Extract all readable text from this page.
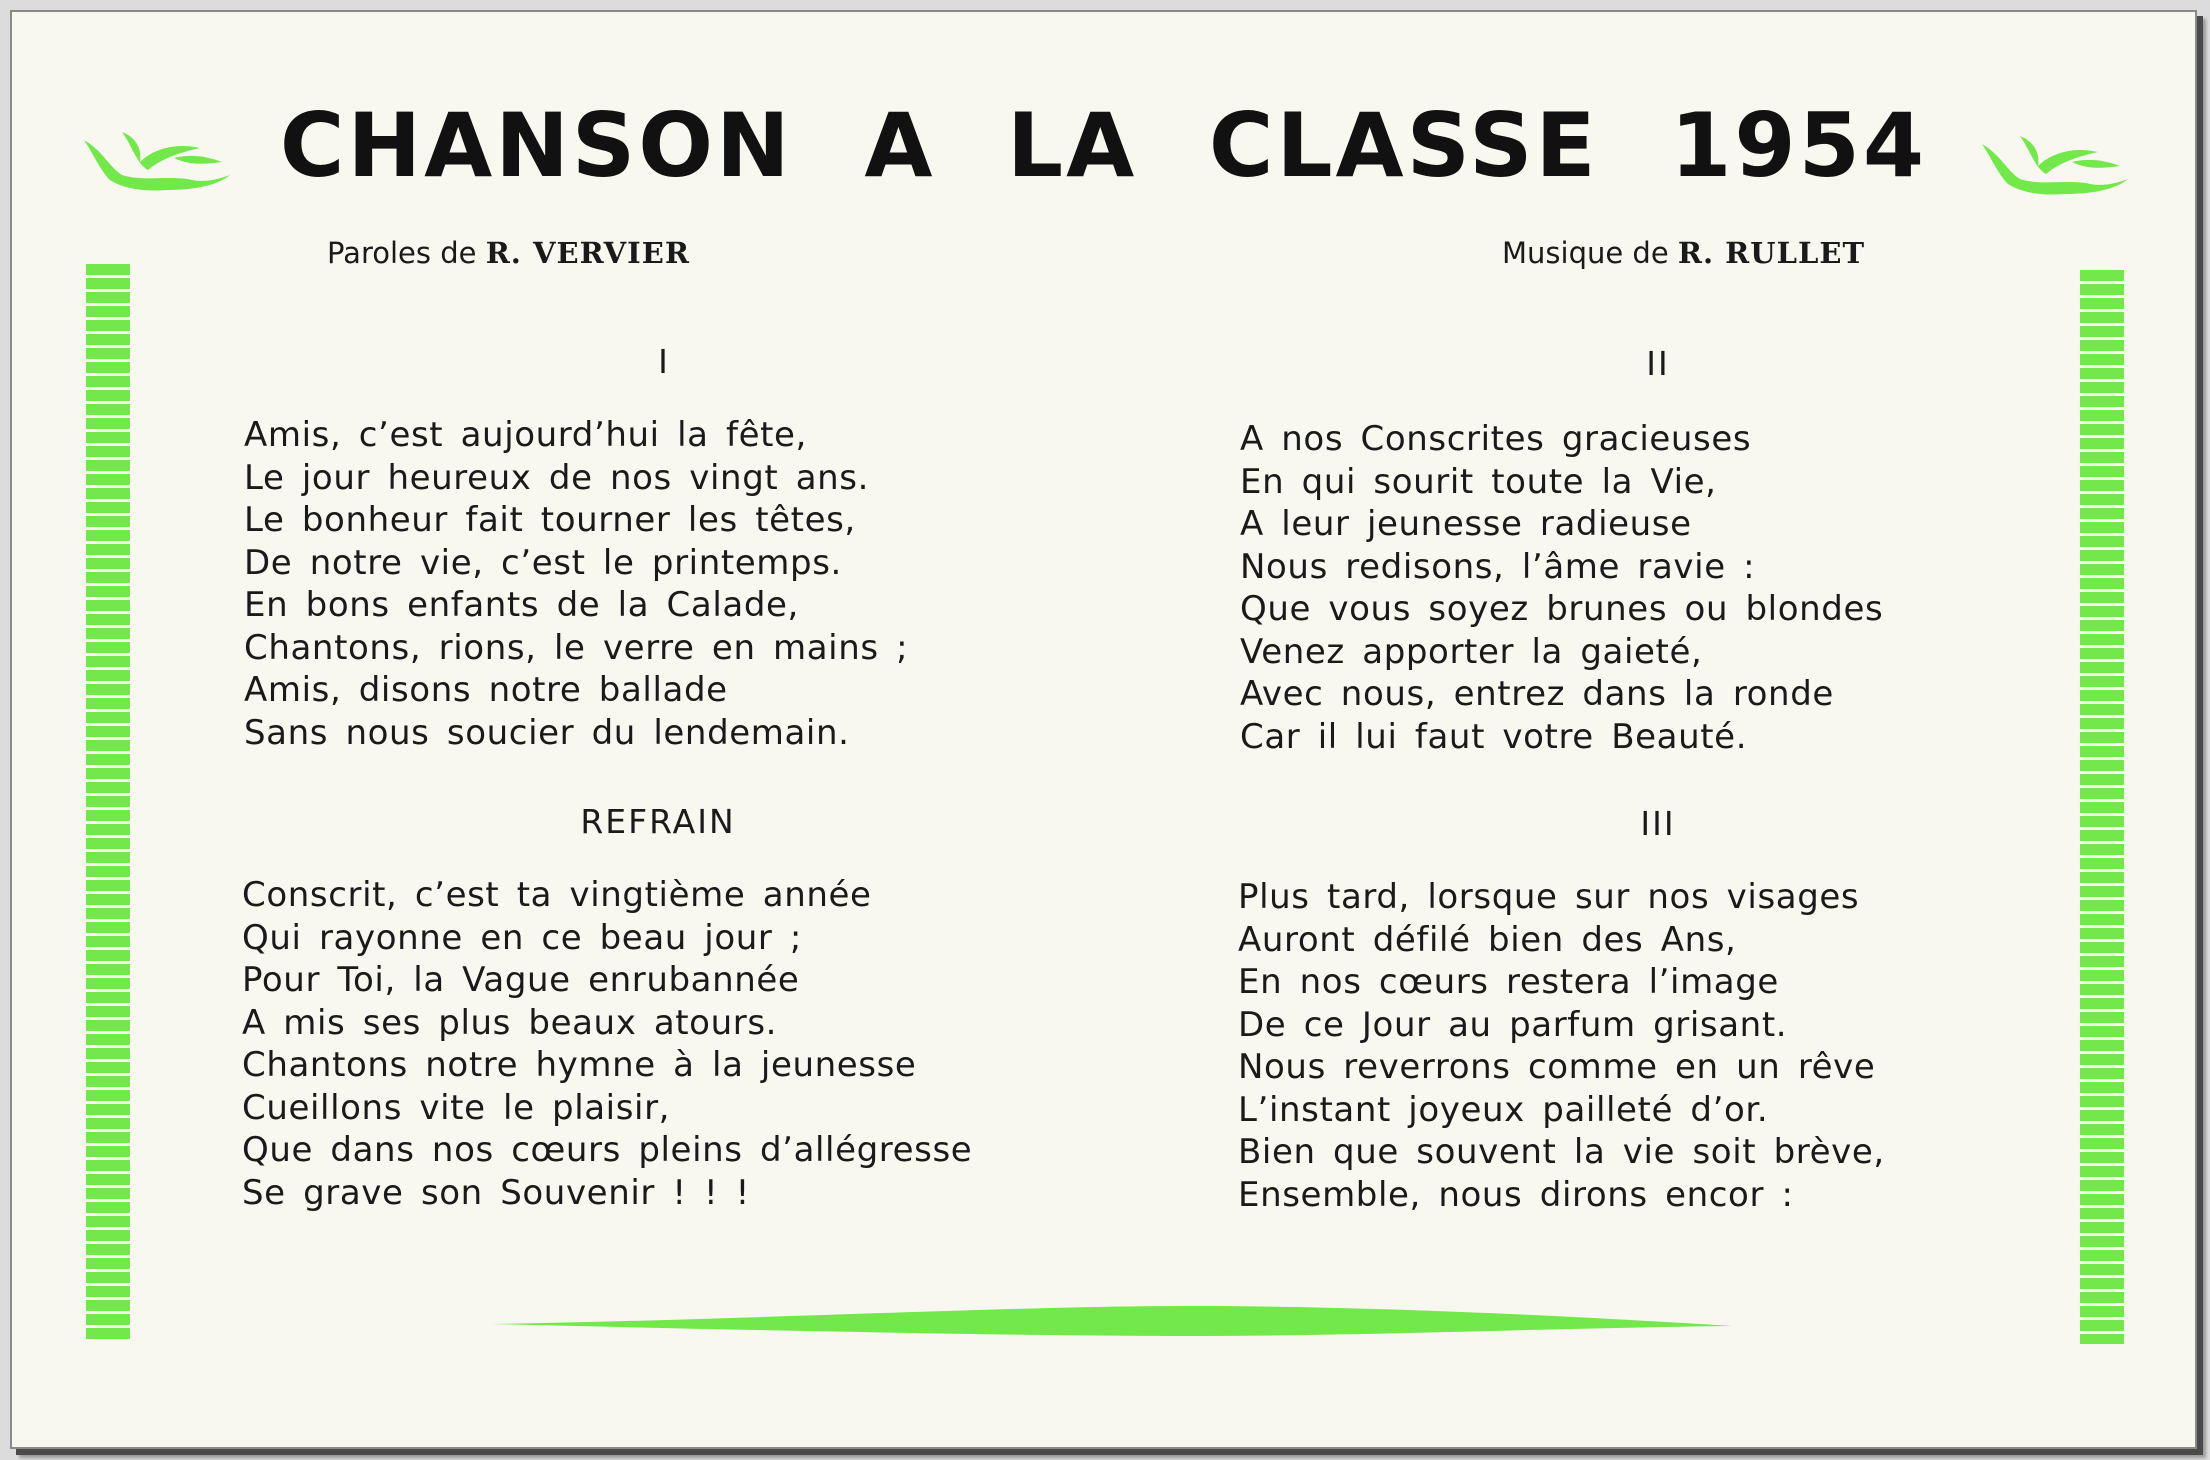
CHANSON A LA CLASSE 1954
Paroles de R. VERVIER	Musique de R. RULLET
I
Amis, c’est aujourd’hui la fête,
Le jour heureux de nos vingt ans.
Le bonheur fait tourner les têtes,
De notre vie, c’est le printemps.
En bons enfants de la Calade,
Chantons, rions, le verre en mains ;
Amis, disons notre ballade
Sans nous soucier du lendemain.
REFRAIN
Conscrit, c’est ta vingtième année
Qui rayonne en ce beau jour ;
Pour Toi, la Vague enrubannée
A mis ses plus beaux atours.
Chantons notre hymne à la jeunesse
Cueillons vite le plaisir,
Que dans nos cœurs pleins d’allégresse
Se grave son Souvenir ! ! !
II
A nos Conscrites gracieuses
En qui sourit toute la Vie,
A leur jeunesse radieuse
Nous redisons, l’âme ravie :
Que vous soyez brunes ou blondes
Venez apporter la gaieté,
Avec nous, entrez dans la ronde
Car il lui faut votre Beauté.
III
Plus tard, lorsque sur nos visages
Auront défilé bien des Ans,
En nos cœurs restera l’image
De ce Jour au parfum grisant.
Nous reverrons comme en un rêve
L’instant joyeux pailleté d’or.
Bien que souvent la vie soit brève,
Ensemble, nous dirons encor :
